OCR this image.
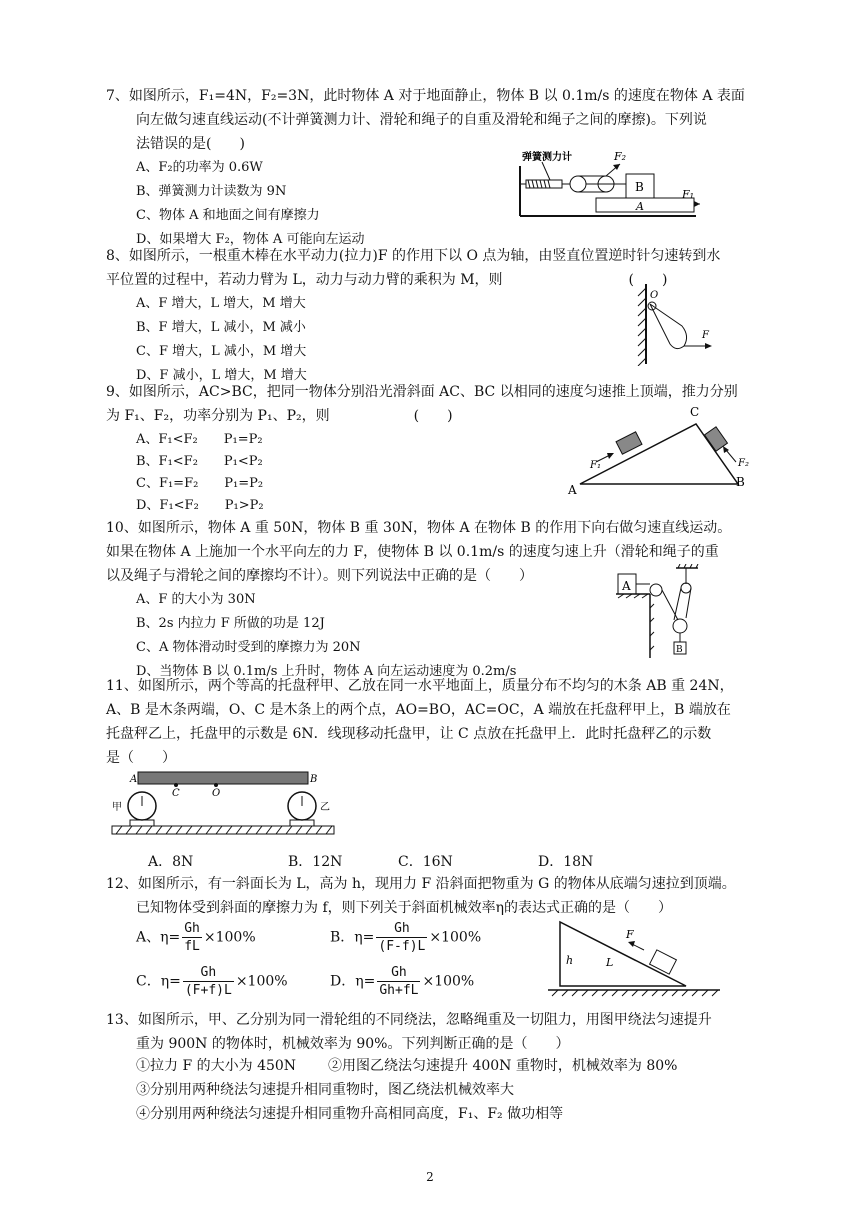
7、如图所示，F₁=4N，F₂=3N，此时物体 A 对于地面静止，物体 B 以 0.1m/s 的速度在物体 A 表面
向左做匀速直线运动(不计弹簧测力计、滑轮和绳子的自重及滑轮和绳子之间的摩擦)。下列说
法错误的是(　　)
A、F₂的功率为 0.6W
B、弹簧测力计读数为 9N
C、物体 A 和地面之间有摩擦力
D、如果增大 F₂，物体 A 可能向左运动
弹簧测力计	F₂
B
A
F₁
8、如图所示，一根重木棒在水平动力(拉力)F 的作用下以 O 点为轴，由竖直位置逆时针匀速转到水
平位置的过程中，若动力臂为 L，动力与动力臂的乘积为 M，则　　　　　　　　　(　　)
A、F 增大，L 增大，M 增大
B、F 增大，L 减小，M 减小
C、F 增大，L 减小，M 增大
D、F 减小，L 增大，M 增大
O
F
9、如图所示，AC>BC，把同一物体分别沿光滑斜面 AC、BC 以相同的速度匀速推上顶端，推力分别
为 F₁、F₂，功率分别为 P₁、P₂，则　　　　　　(　　)
A、F₁<F₂　　P₁=P₂
B、F₁<F₂　　P₁<P₂
C、F₁=F₂　　P₁=P₂
D、F₁<F₂　　P₁>P₂
A
B
C
F₁	F₂
10、如图所示，物体 A 重 50N，物体 B 重 30N，物体 A 在物体 B 的作用下向右做匀速直线运动。
如果在物体 A 上施加一个水平向左的力 F，使物体 B 以 0.1m/s 的速度匀速上升（滑轮和绳子的重
以及绳子与滑轮之间的摩擦均不计）。则下列说法中正确的是（　　）
A、F 的大小为 30N
B、2s 内拉力 F 所做的功是 12J
C、A 物体滑动时受到的摩擦力为 20N
D、当物体 B 以 0.1m/s 上升时，物体 A 向左运动速度为 0.2m/s
A
B
11、如图所示，两个等高的托盘秤甲、乙放在同一水平地面上，质量分布不均匀的木条 AB 重 24N，
A、B 是木条两端，O、C 是木条上的两个点，AO=BO，AC=OC，A 端放在托盘秤甲上，B 端放在
托盘秤乙上，托盘甲的示数是 6N．线现移动托盘甲，让 C 点放在托盘甲上．此时托盘秤乙的示数
是（　　）
A	B
C	O
甲	乙
A．8N	B．12N	C．16N	D．18N
12、如图所示，有一斜面长为 L，高为 h，现用力 F 沿斜面把物重为 G 的物体从底端匀速拉到顶端。
已知物体受到斜面的摩擦力为 f，则下列关于斜面机械效率η的表达式正确的是（　　）
A、$\eta= \frac{Gh}{fL} \times 100\%$	B．$\eta= \frac{Gh}{(F-f)L} \times 100\%$
C．$\eta= \frac{Gh}{(F+f)L} \times 100\%$	D．$\eta= \frac{Gh}{Gh+fL} \times 100\%$
h
F
L
13、如图所示，甲、乙分别为同一滑轮组的不同绕法，忽略绳重及一切阻力，用图甲绕法匀速提升
重为 900N 的物体时，机械效率为 90%。下列判断正确的是（　　）
①拉力 F 的大小为 450N ②用图乙绕法匀速提升 400N 重物时，机械效率为 80%
③分别用两种绕法匀速提升相同重物时，图乙绕法机械效率大
④分别用两种绕法匀速提升相同重物升高相同高度，F₁、F₂ 做功相等
2
